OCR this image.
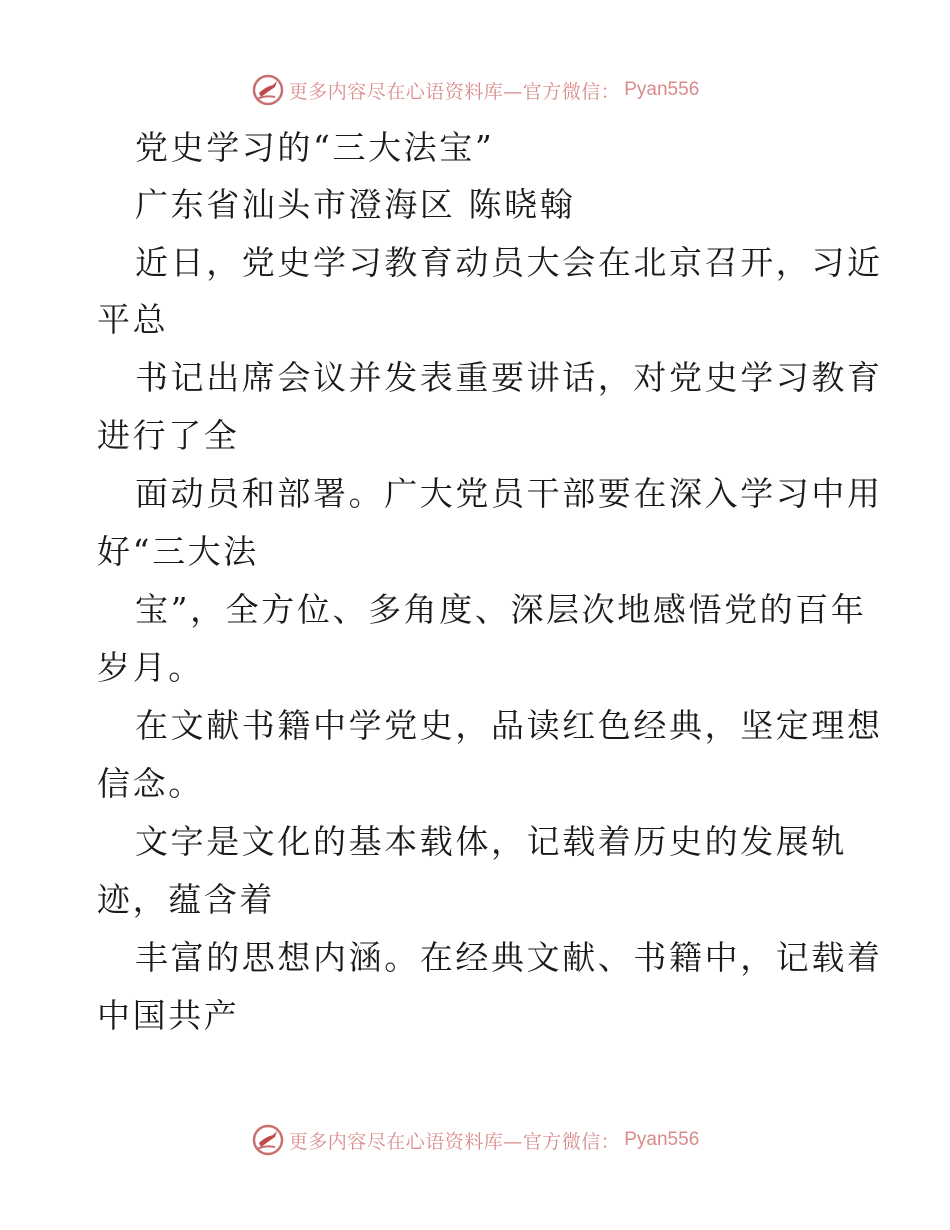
更多内容尽在心语资料库—官方微信： Pyan556
党史学习的“三大法宝”
广东省汕头市澄海区 陈晓翰
近日，党史学习教育动员大会在北京召开，习近
平总
书记出席会议并发表重要讲话，对党史学习教育
进行了全
面动员和部署。广大党员干部要在深入学习中用
好“三大法
宝”，全方位、多角度、深层次地感悟党的百年
岁月。
在文献书籍中学党史，品读红色经典，坚定理想
信念。
文字是文化的基本载体，记载着历史的发展轨
迹，蕴含着
丰富的思想内涵。在经典文献、书籍中，记载着
中国共产
更多内容尽在心语资料库—官方微信： Pyan556
